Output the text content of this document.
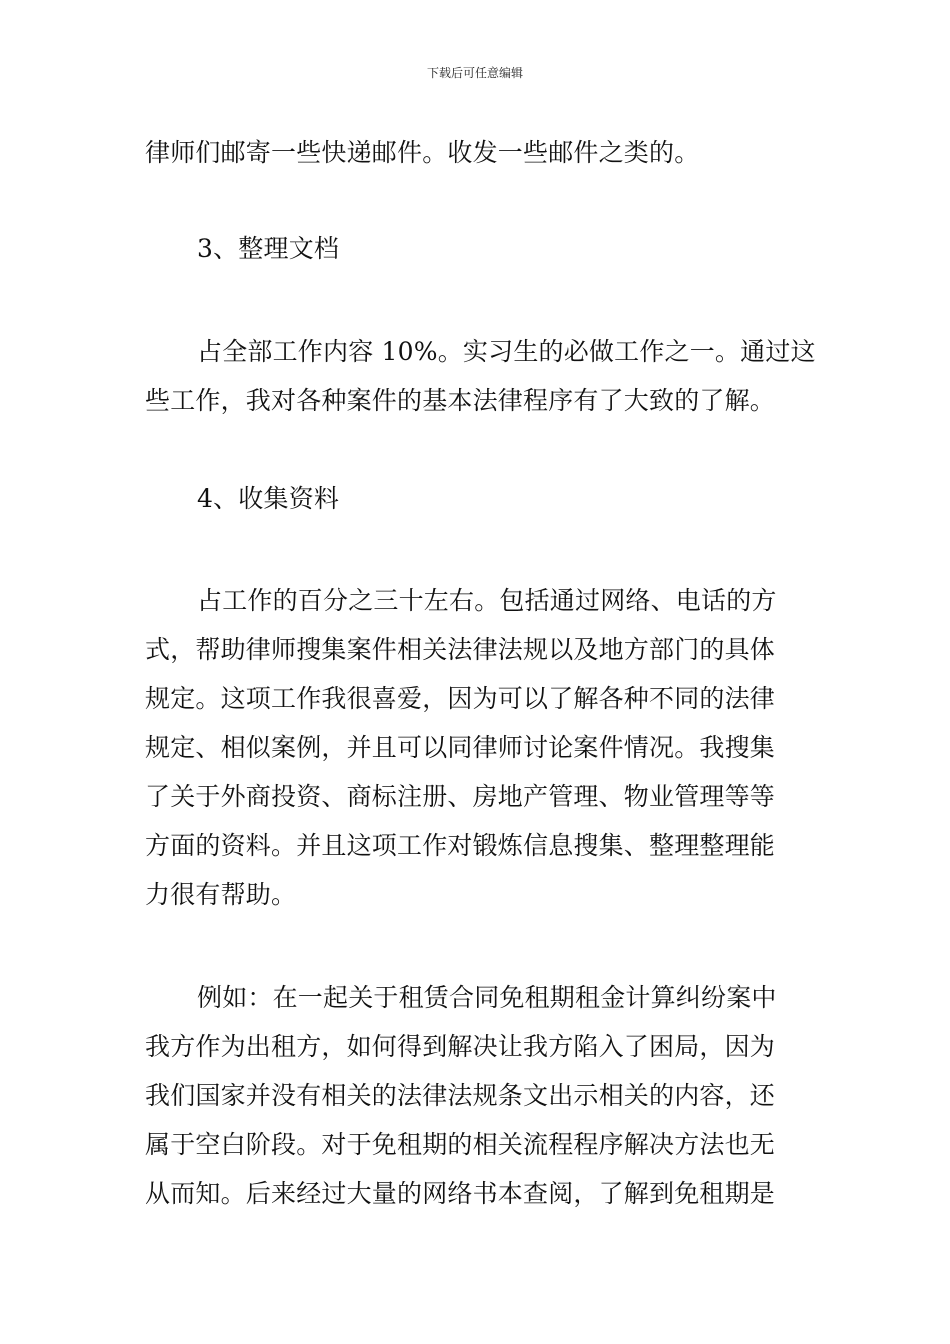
下载后可任意编辑
律师们邮寄一些快递邮件。收发一些邮件之类的。
3、整理文档
占全部工作内容 10%。实习生的必做工作之一。通过这
些工作，我对各种案件的基本法律程序有了大致的了解。
4、收集资料
占工作的百分之三十左右。包括通过网络、电话的方
式，帮助律师搜集案件相关法律法规以及地方部门的具体
规定。这项工作我很喜爱，因为可以了解各种不同的法律
规定、相似案例，并且可以同律师讨论案件情况。我搜集
了关于外商投资、商标注册、房地产管理、物业管理等等
方面的资料。并且这项工作对锻炼信息搜集、整理整理能
力很有帮助。
例如：在一起关于租赁合同免租期租金计算纠纷案中
我方作为出租方，如何得到解决让我方陷入了困局，因为
我们国家并没有相关的法律法规条文出示相关的内容，还
属于空白阶段。对于免租期的相关流程程序解决方法也无
从而知。后来经过大量的网络书本查阅，了解到免租期是
